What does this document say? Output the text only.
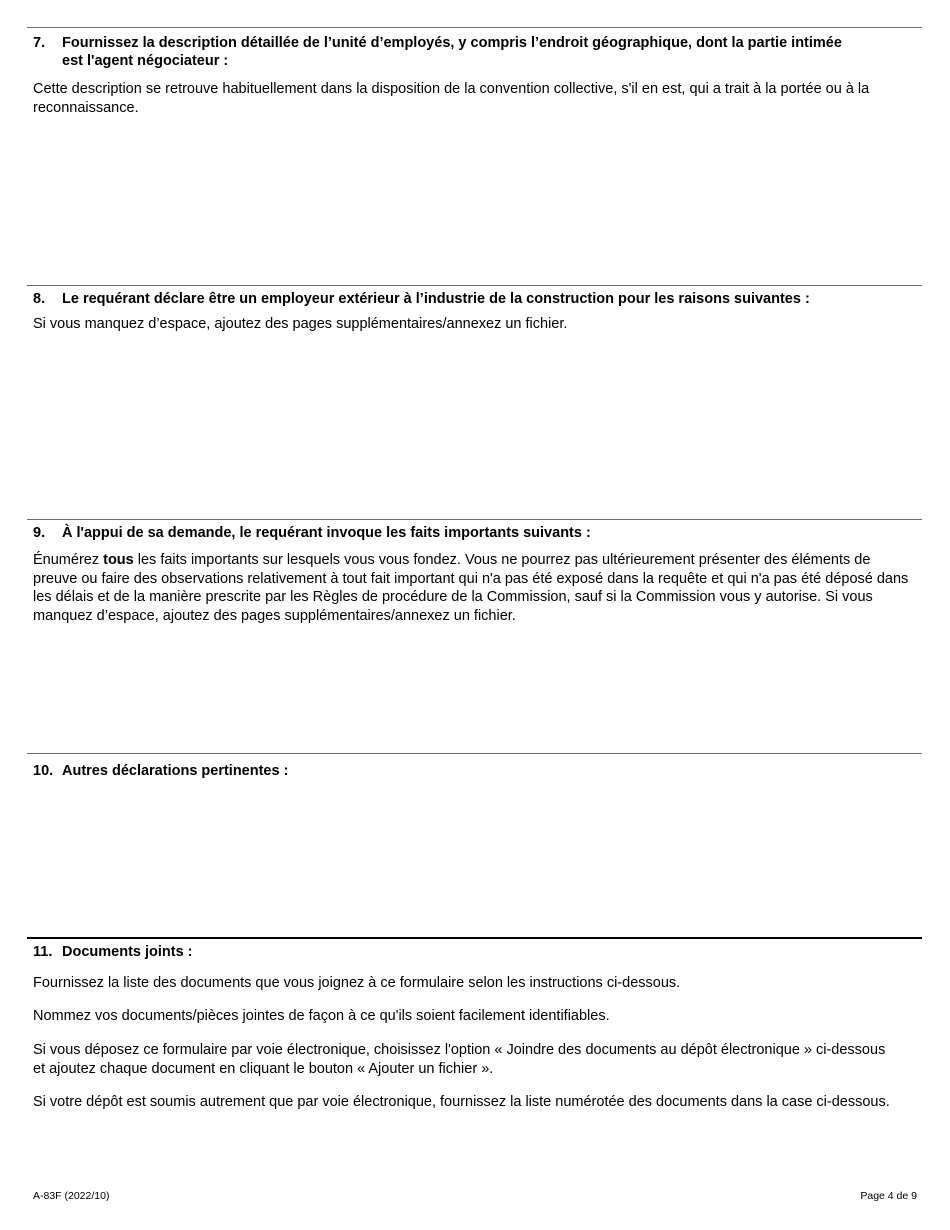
7. Fournissez la description détaillée de l’unité d’employés, y compris l’endroit géographique, dont la partie intimée
est l'agent négociateur :

Cette description se retrouve habituellement dans la disposition de la convention collective, s'il en est, qui a trait à la portée ou à la reconnaissance.

8. Le requérant déclare être un employeur extérieur à l’industrie de la construction pour les raisons suivantes :

Si vous manquez d’espace, ajoutez des pages supplémentaires/annexez un fichier.

9. À l'appui de sa demande, le requérant invoque les faits importants suivants :

Énumérez tous les faits importants sur lesquels vous vous fondez. Vous ne pourrez pas ultérieurement présenter des éléments de preuve ou faire des observations relativement à tout fait important qui n'a pas été exposé dans la requête et qui n'a pas été déposé dans les délais et de la manière prescrite par les Règles de procédure de la Commission, sauf si la Commission vous y autorise. Si vous manquez d’espace, ajoutez des pages supplémentaires/annexez un fichier.

10. Autres déclarations pertinentes :
11. Documents joints :

Fournissez la liste des documents que vous joignez à ce formulaire selon les instructions ci-dessous.

Nommez vos documents/pièces jointes de façon à ce qu'ils soient facilement identifiables.

Si vous déposez ce formulaire par voie électronique, choisissez l'option « Joindre des documents au dépôt électronique » ci-dessous et ajoutez chaque document en cliquant le bouton « Ajouter un fichier ».

Si votre dépôt est soumis autrement que par voie électronique, fournissez la liste numérotée des documents dans la case ci-dessous.

A-83F (2022/10)	Page 4 de 9
